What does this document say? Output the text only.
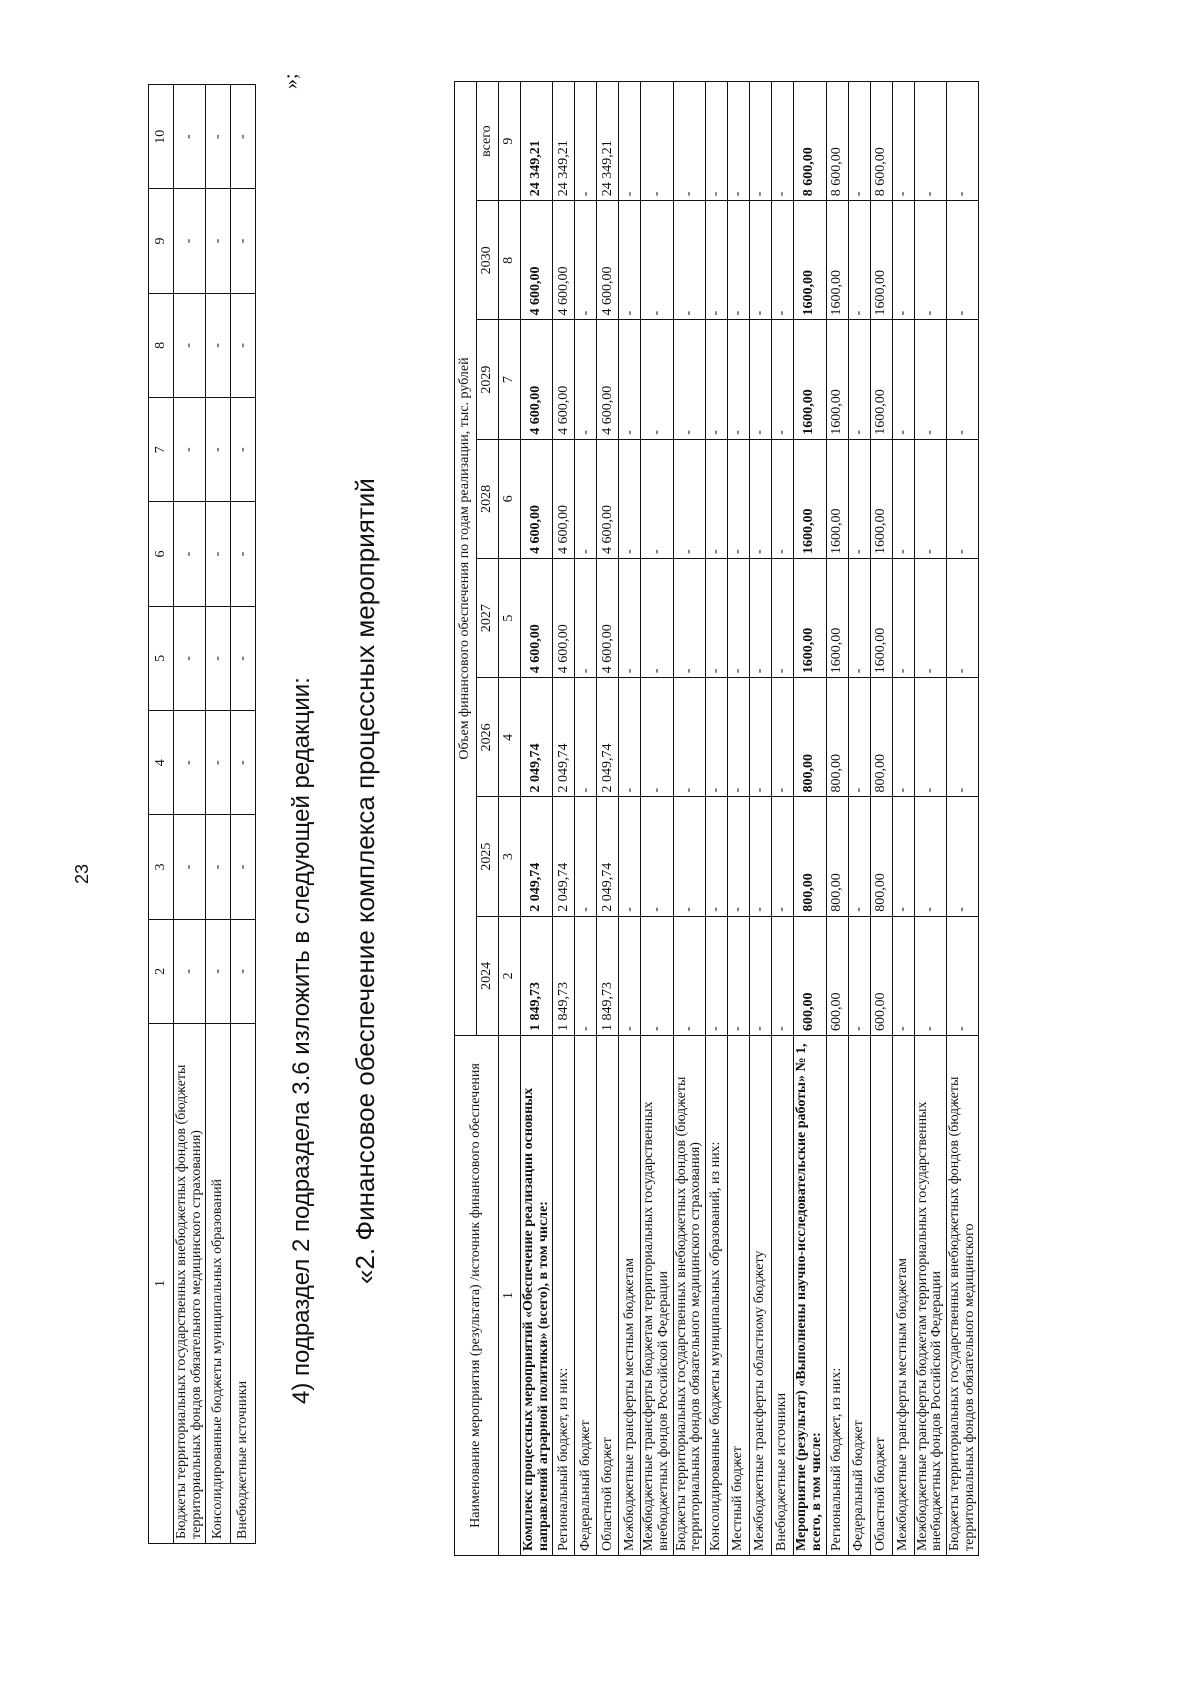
23
1	2	3	4	5	6	7	8	9	10
Бюджеты территориальных государственных внебюджетных фондов (бюджеты территориальных фондов обязательного медицинского страхования)	-	-	-	-	-	-	-	-	-
Консолидированные бюджеты муниципальных образований	-	-	-	-	-	-	-	-	-
Внебюджетные источники	-	-	-	-	-	-	-	-	-
»;
4) подраздел 2 подраздела 3.6 изложить в следующей редакции: «2. Финансовое обеспечение комплекса процессных мероприятий
Наименование мероприятия (результата) /источник финансового обеспечения	Объем финансового обеспечения по годам реализации, тыс. рублей							
	2024	2025	2026	2027	2028	2029	2030	всего
1	2	3	4	5	6	7	8	9
Комплекс процессных мероприятий «Обеспечение реализации основных направлений аграрной политики» (всего), в том числе:	1 849,73	2 049,74	2 049,74	4 600,00	4 600,00	4 600,00	4 600,00	24 349,21
Региональный бюджет, из них:	1 849,73	2 049,74	2 049,74	4 600,00	4 600,00	4 600,00	4 600,00	24 349,21
Федеральный бюджет	-	-	-	-	-	-	-	-
Областной бюджет	1 849,73	2 049,74	2 049,74	4 600,00	4 600,00	4 600,00	4 600,00	24 349,21
Межбюджетные трансферты местным бюджетам	-	-	-	-	-	-	-	-
Межбюджетные трансферты бюджетам территориальных государственных внебюджетных фондов Российской Федерации	-	-	-	-	-	-	-	-
Бюджеты территориальных государственных внебюджетных фондов (бюджеты территориальных фондов обязательного медицинского страхования)	-	-	-	-	-	-	-	-
Консолидированные бюджеты муниципальных образований, из них:	-	-	-	-	-	-	-	-
Местный бюджет	-	-	-	-	-	-	-	-
Межбюджетные трансферты областному бюджету	-	-	-	-	-	-	-	-
Внебюджетные источники	-	-	-	-	-	-	-	-
Мероприятие (результат) «Выполнены научно-исследовательские работы» № 1, всего, в том числе:	600,00	800,00	800,00	1600,00	1600,00	1600,00	1600,00	8 600,00
Региональный бюджет, из них:	600,00	800,00	800,00	1600,00	1600,00	1600,00	1600,00	8 600,00
Федеральный бюджет	-	-	-	-	-	-	-	-
Областной бюджет	600,00	800,00	800,00	1600,00	1600,00	1600,00	1600,00	8 600,00
Межбюджетные трансферты местным бюджетам	-	-	-	-	-	-	-	-
Межбюджетные трансферты бюджетам территориальных государственных внебюджетных фондов Российской Федерации	-	-	-	-	-	-	-	-
Бюджеты территориальных государственных внебюджетных фондов (бюджеты территориальных фондов обязательного медицинского	-	-	-	-	-	-	-	-
